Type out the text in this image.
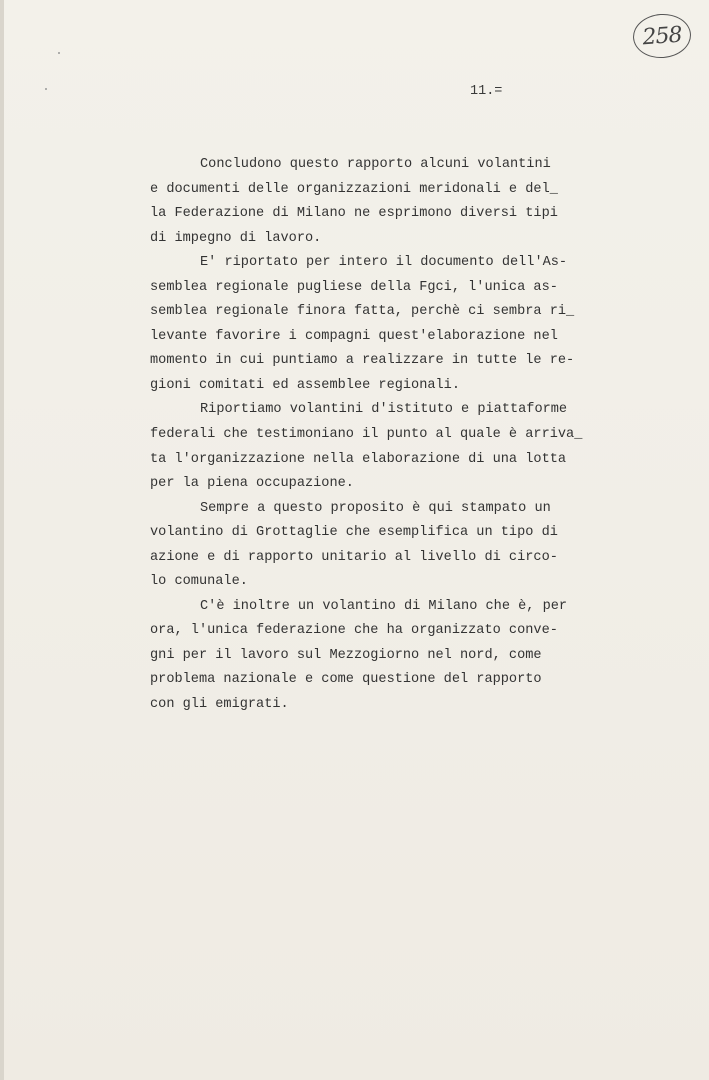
258
11.=
Concludono questo rapporto alcuni volantini
e documenti delle organizzazioni meridonali e del_
la Federazione di Milano ne esprimono diversi tipi
di impegno di lavoro.
E' riportato per intero il documento dell'As-
semblea regionale pugliese della Fgci, l'unica as-
semblea regionale finora fatta, perchè ci sembra ri_
levante favorire i compagni quest'elaborazione nel
momento in cui puntiamo a realizzare in tutte le re-
gioni comitati ed assemblee regionali.
Riportiamo volantini d'istituto e piattaforme
federali che testimoniano il punto al quale è arriva_
ta l'organizzazione nella elaborazione di una lotta
per la piena occupazione.
Sempre a questo proposito è qui stampato un
volantino di Grottaglie che esemplifica un tipo di
azione e di rapporto unitario al livello di circo-
lo comunale.
C'è inoltre un volantino di Milano che è, per
ora, l'unica federazione che ha organizzato conve-
gni per il lavoro sul Mezzogiorno nel nord, come
problema nazionale e come questione del rapporto
con gli emigrati.
